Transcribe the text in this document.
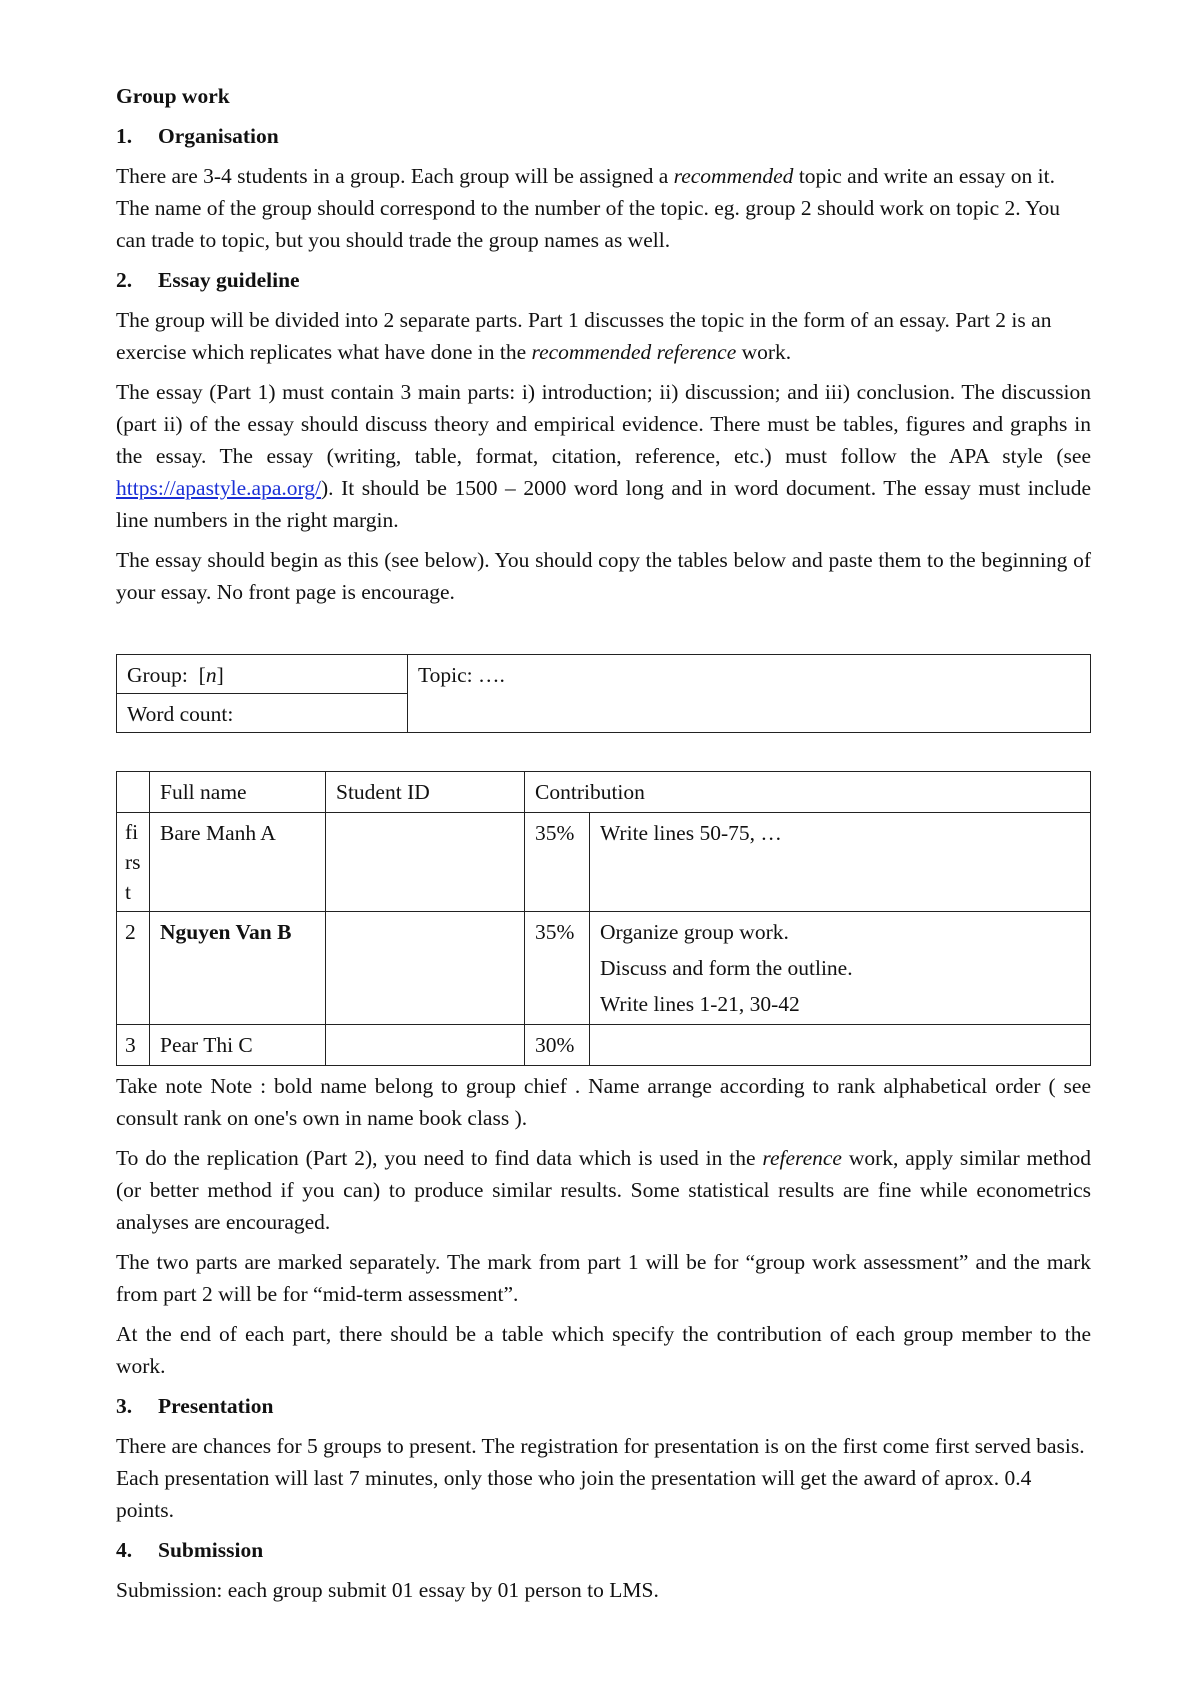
Group work
1. Organisation

There are 3-4 students in a group. Each group will be assigned a recommended topic and write an essay on it. The name of the group should correspond to the number of the topic. eg. group 2 should work on topic 2. You can trade to topic, but you should trade the group names as well.

2. Essay guideline

The group will be divided into 2 separate parts. Part 1 discusses the topic in the form of an essay. Part 2 is an exercise which replicates what have done in the recommended reference work.

The essay (Part 1) must contain 3 main parts: i) introduction; ii) discussion; and iii) conclusion. The discussion (part ii) of the essay should discuss theory and empirical evidence. There must be tables, figures and graphs in the essay. The essay (writing, table, format, citation, reference, etc.) must follow the APA style (see https://apastyle.apa.org/). It should be 1500 – 2000 word long and in word document. The essay must include line numbers in the right margin.

The essay should begin as this (see below). You should copy the tables below and paste them to the beginning of your essay. No front page is encourage.

Group:  [n]	Topic: ….
Word count:
	Full name	Student ID	Contribution	

first	Bare Manh A		35%	Write lines 50-75, …

2	Nguyen Van B		35%	Organize group work.
Discuss and form the outline.
Write lines 1-21, 30-42

3	Pear Thi C		30%	

Take note Note : bold name belong to group chief . Name arrange according to rank alphabetical order ( see consult rank on one's own in name book class ).

To do the replication (Part 2), you need to find data which is used in the reference work, apply similar method (or better method if you can) to produce similar results. Some statistical results are fine while econometrics analyses are encouraged.

The two parts are marked separately. The mark from part 1 will be for “group work assessment” and the mark from part 2 will be for “mid-term assessment”.

At the end of each part, there should be a table which specify the contribution of each group member to the work.

3. Presentation

There are chances for 5 groups to present. The registration for presentation is on the first come first served basis. Each presentation will last 7 minutes, only those who join the presentation will get the award of aprox. 0.4 points.

4. Submission

Submission: each group submit 01 essay by 01 person to LMS.
